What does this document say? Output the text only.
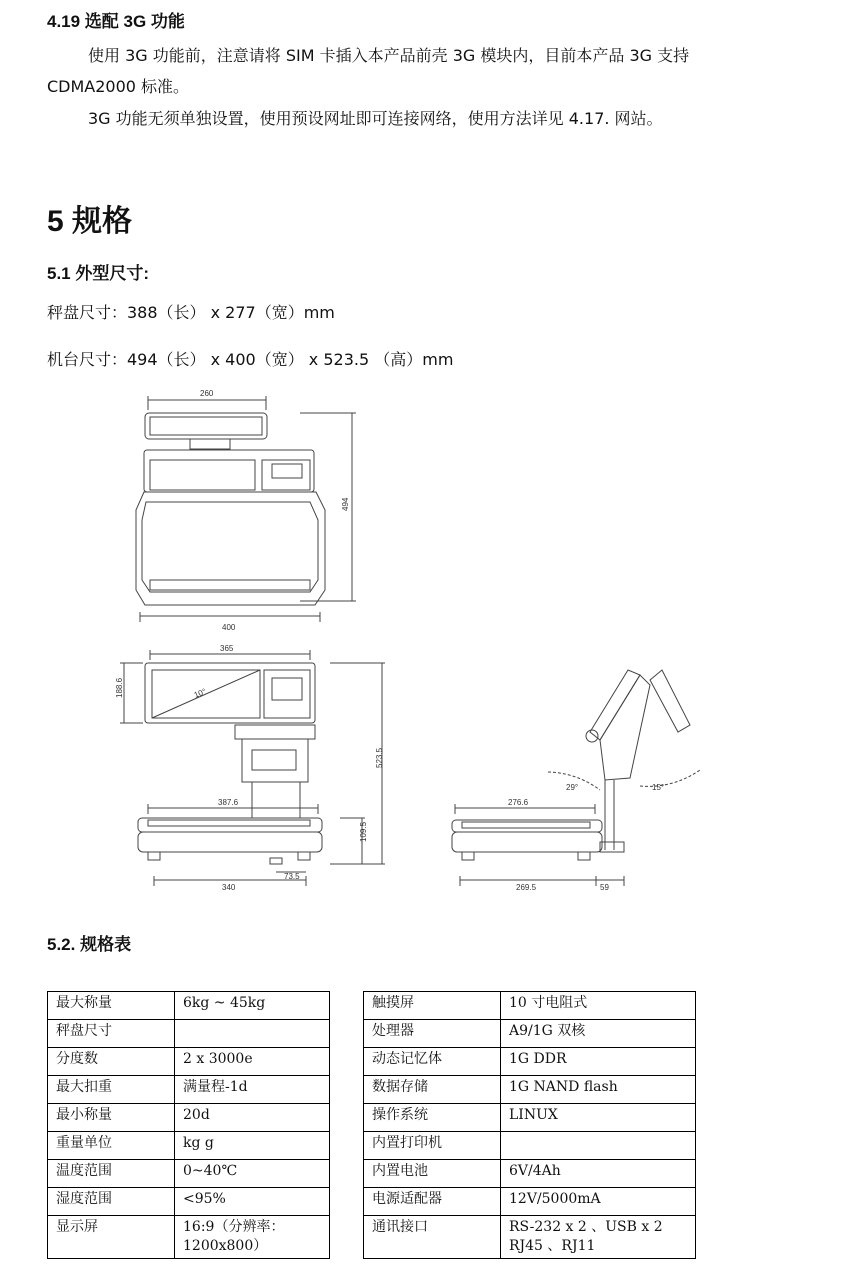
4.19 选配 3G 功能
使用 3G 功能前，注意请将 SIM 卡插入本产品前壳 3G 模块内，目前本产品 3G 支持
CDMA2000 标准。
3G 功能无须单独设置，使用预设网址即可连接网络，使用方法详见 4.17. 网站。
5 规格
5.1 外型尺寸:
秤盘尺寸：388（长） x 277（宽）mm
机台尺寸：494（长） x 400（宽） x 523.5 （高）mm
260
494
400
365
188.6	10°
523.5
387.6
109.5
340
73.5
276.6
29°	15°
269.5	59
5.2. 规格表
最大称量	6kg ~ 45kg
秤盘尺寸	
分度数	2 x 3000e
最大扣重	满量程-1d
最小称量	20d
重量单位	kg g
温度范围	0~40℃
湿度范围	<95%
显示屏	16:9（分辨率：
1200x800）
触摸屏	10 寸电阻式
处理器	A9/1G 双核
动态记忆体	1G DDR
数据存储	1G NAND flash
操作系统	LINUX
内置打印机	
内置电池	6V/4Ah
电源适配器	12V/5000mA
通讯接口	RS-232 x 2 、USB x 2
RJ45 、RJ11
